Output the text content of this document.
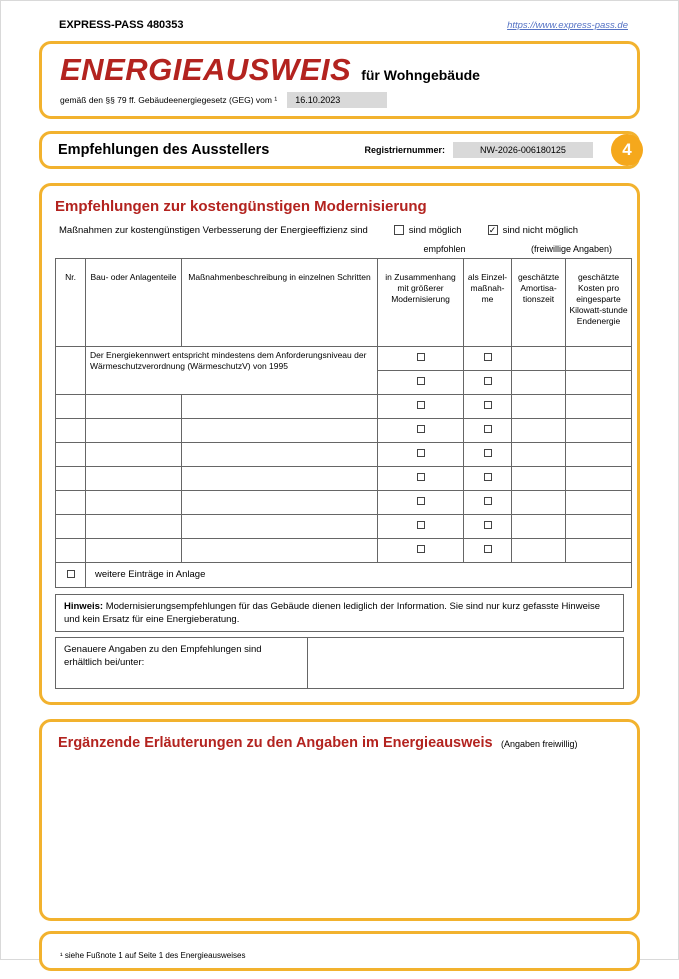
EXPRESS-PASS 480353	https://www.express-pass.de
ENERGIEAUSWEIS für Wohngebäude
gemäß den §§ 79 ff. Gebäudeenergiegesetz (GEG) vom ¹	16.10.2023
Empfehlungen des Ausstellers	Registriernummer:	NW-2026-006180125	4
Empfehlungen zur kostengünstigen Modernisierung
Maßnahmen zur kostengünstigen Verbesserung der Energieeffizienz sind	sind möglich	✓ sind nicht möglich
			empfohlen		(freiwillige Angaben)	
Nr.	Bau- oder Anlagenteile	Maßnahmenbeschreibung in einzelnen Schritten	in Zusammenhang mit größerer Modernisierung	als Einzel-maßnah-me	geschätzte Amortisa-tionszeit	geschätzte Kosten pro eingesparte Kilowatt-stunde Endenergie
	Der Energiekennwert entspricht mindestens dem Anforderungsniveau der Wärmeschutzverordnung (WärmeschutzV) von 1995					

	weitere Einträge in Anlage					
Hinweis: Modernisierungsempfehlungen für das Gebäude dienen lediglich der Information. Sie sind nur kurz gefasste Hinweise und kein Ersatz für eine Energieberatung.
Genauere Angaben zu den Empfehlungen sind erhältlich bei/unter:
Ergänzende Erläuterungen zu den Angaben im Energieausweis (Angaben freiwillig)
¹ siehe Fußnote 1 auf Seite 1 des Energieausweises
